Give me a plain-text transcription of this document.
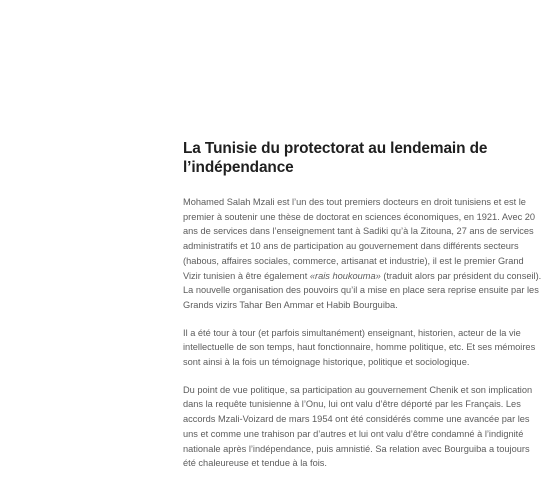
La Tunisie du protectorat au lendemain de l’indépendance

Mohamed Salah Mzali est l’un des tout premiers docteurs en droit tunisiens et est le premier à soutenir une thèse de doctorat en sciences économiques, en 1921. Avec 20 ans de services dans l’enseignement tant à Sadiki qu’à la Zitouna, 27 ans de services administratifs et 10 ans de participation au gouvernement dans différents secteurs (habous, affaires sociales, commerce, artisanat et industrie), il est le premier Grand Vizir tunisien à être également «rais houkouma» (traduit alors par président du conseil). La nouvelle organisation des pouvoirs qu’il a mise en place sera reprise ensuite par les Grands vizirs Tahar Ben Ammar et Habib Bourguiba.

Il a été tour à tour (et parfois simultanément) enseignant, historien, acteur de la vie intellectuelle de son temps, haut fonctionnaire, homme politique, etc. Et ses mémoires sont ainsi à la fois un témoignage historique, politique et sociologique.

Du point de vue politique, sa participation au gouvernement Chenik et son implication dans la requête tunisienne à l’Onu, lui ont valu d’être déporté par les Français. Les accords Mzali-Voizard de mars 1954 ont été considérés comme une avancée par les uns et comme une trahison par d’autres et lui ont valu d’être condamné à l’indignité nationale après l’indépendance, puis amnistié. Sa relation avec Bourguiba a toujours été chaleureuse et tendue à la fois.
